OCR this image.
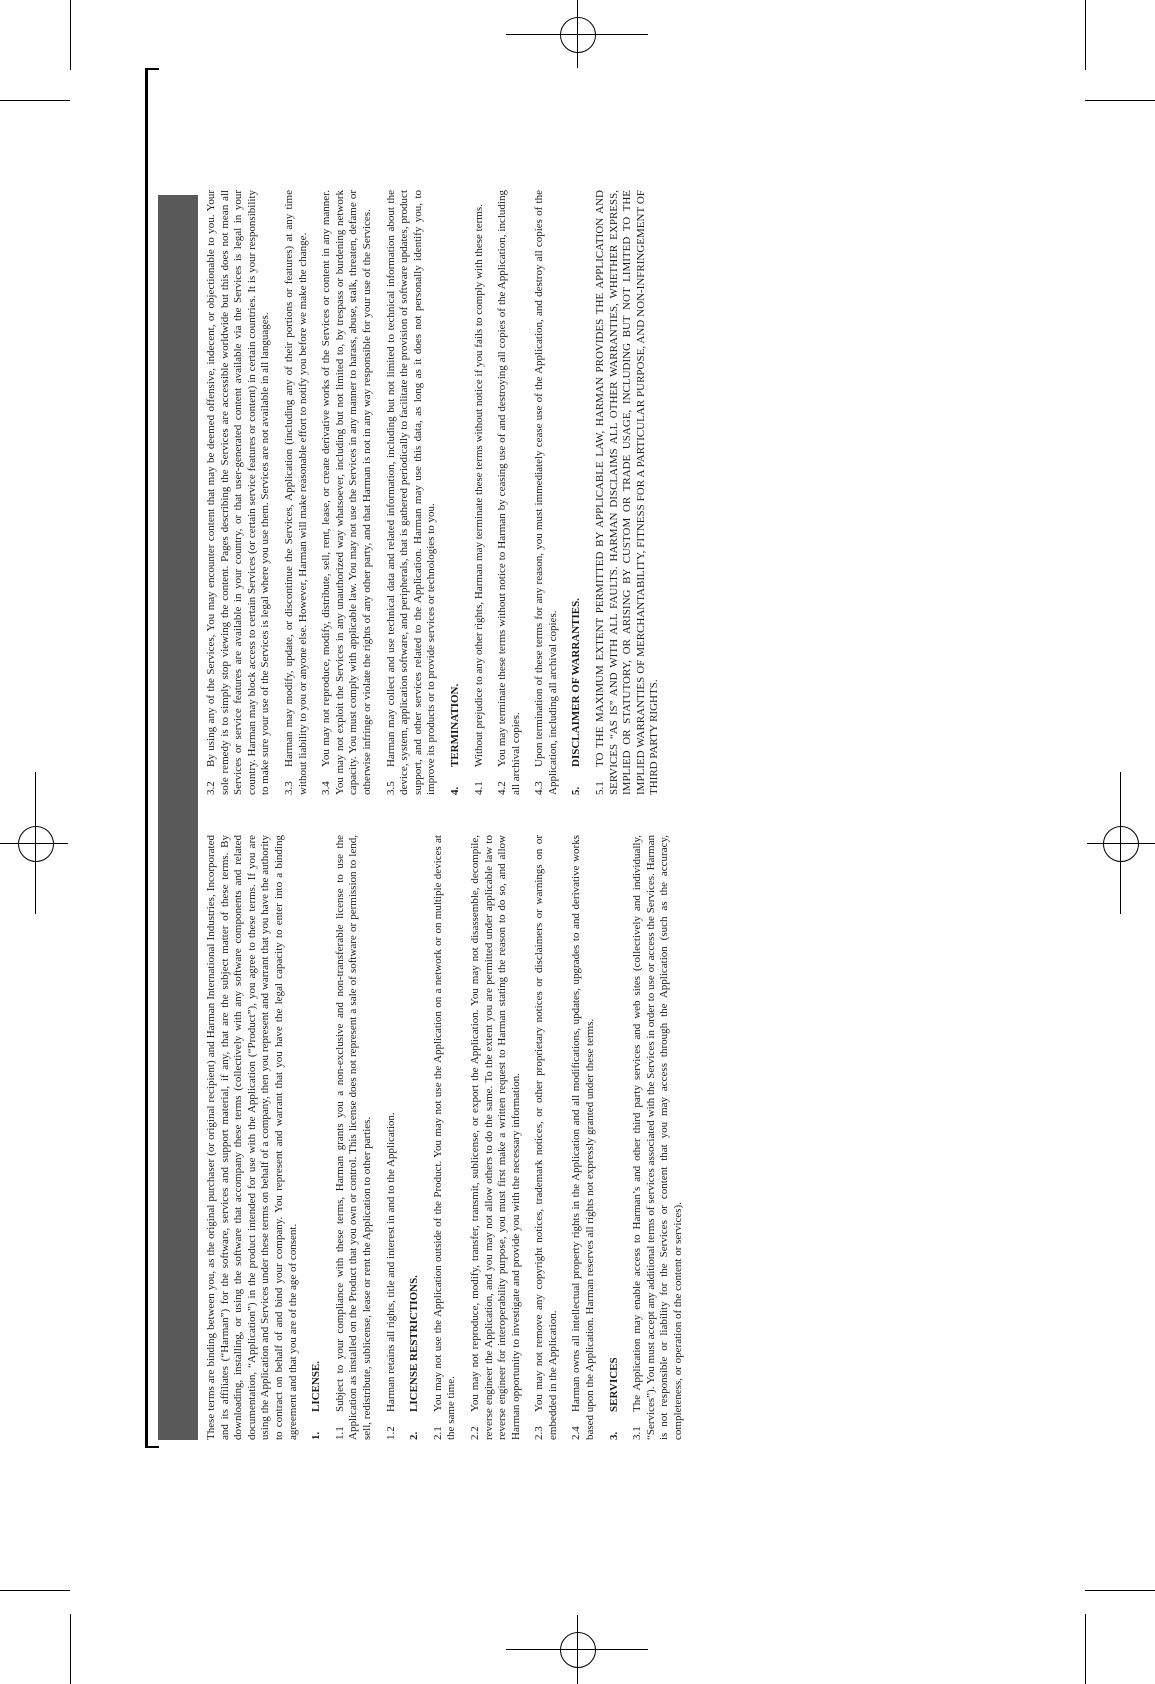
These terms are binding between you, as the original purchaser (or original recipient) and Harman International Industries, Incorporated and its affiliates (“Harman”) for the software, services and support material, if any, that are the subject matter of these terms. By downloading, installing, or using the software that accompany these terms (collectively with any software components and related documentation, “Application”) in the product intended for use with the Application (“Product”), you agree to these terms. If you are using the Application and Services under these terms on behalf of a company, then you represent and warrant that you have the authority to contract on behalf of and bind your company. You represent and warrant that you have the legal capacity to enter into a binding agreement and that you are of the age of consent. 1.LICENSE.

1.1Subject to your compliance with these terms, Harman grants you a non-exclusive and non-transferable license to use the Application as installed on the Product that you own or control. This license does not represent a sale of software or permission to lend, sell, redistribute, sublicense, lease or rent the Application to other parties. 1.2Harman retains all rights, title and interest in and to the Application.

2.LICENSE RESTRICTIONS.

2.1You may not use the Application outside of the Product. You may not use the Application on a network or on multiple devices at the same time. 2.2You may not reproduce, modify, transfer, transmit, sublicense, or export the Application. You may not disassemble, decompile, reverse engineer the Application, and you may not allow others to do the same. To the extent you are permitted under applicable law to reverse engineer for interoperability purpose, you must first make a written request to Harman stating the reason to do so, and allow Harman opportunity to investigate and provide you with the necessary information. 2.3You may not remove any copyright notices, trademark notices, or other proprietary notices or disclaimers or warnings on or embedded in the Application. 2.4Harman owns all intellectual property rights in the Application and all modifications, updates, upgrades to and derivative works based upon the Application. Harman reserves all rights not expressly granted under these terms. 3.SERVICES

3.1The Application may enable access to Harman’s and other third party services and web sites (collectively and individually, “Services”). You must accept any additional terms of services associated with the Services in order to use or access the Services. Harman is not responsible or liability for the Services or content that you may access through the Application (such as the accuracy, completeness, or operation of the content or services).

3.2By using any of the Services, You may encounter content that may be deemed offensive, indecent, or objectionable to you. Your sole remedy is to simply stop viewing the content. Pages describing the Services are accessible worldwide but this does not mean all Services or service features are available in your country, or that user-generated content available via the Services is legal in your country. Harman may block access to certain Services (or certain service features or content) in certain countries. It is your responsibility to make sure your use of the Services is legal where you use them. Services are not available in all languages. 3.3Harman may modify, update, or discontinue the Services, Application (including any of their portions or features) at any time without liability to you or anyone else. However, Harman will make reasonable effort to notify you before we make the change. 3.4You may not reproduce, modify, distribute, sell, rent, lease, or create derivative works of the Services or content in any manner. You may not exploit the Services in any unauthorized way whatsoever, including but not limited to, by trespass or burdening network capacity. You must comply with applicable law. You may not use the Services in any manner to harass, abuse, stalk, threaten, defame or otherwise infringe or violate the rights of any other party, and that Harman is not in any way responsible for your use of the Services. 3.5Harman may collect and use technical data and related information, including but not limited to technical information about the device, system, application software, and peripherals, that is gathered periodically to facilitate the provision of software updates, product support, and other services related to the Application. Harman may use this data, as long as it does not personally identify you, to improve its products or to provide services or technologies to you. 4.TERMINATION.

4.1Without prejudice to any other rights, Harman may terminate these terms without notice if you fails to comply with these terms.

4.2You may terminate these terms without notice to Harman by ceasing use of and destroying all copies of the Application, including all archival copies. 4.3Upon termination of these terms for any reason, you must immediately cease use of the Application, and destroy all copies of the Application, including all archival copies. 5.DISCLAIMER OF WARRANTIES.

5.1TO THE MAXIMUM EXTENT PERMITTED BY APPLICABLE LAW, HARMAN PROVIDES THE APPLICATION AND SERVICES “AS IS” AND WITH ALL FAULTS. HARMAN DISCLAIMS ALL OTHER WARRANTIES, WHETHER EXPRESS, IMPLIED OR STATUTORY, OR ARISING BY CUSTOM OR TRADE USAGE, INCLUDING BUT NOT LIMITED TO THE IMPLIED WARRANTIES OF MERCHANTABILITY, FITNESS FOR A PARTICULAR PURPOSE, AND NON-INFRINGEMENT OF THIRD PARTY RIGHTS.
